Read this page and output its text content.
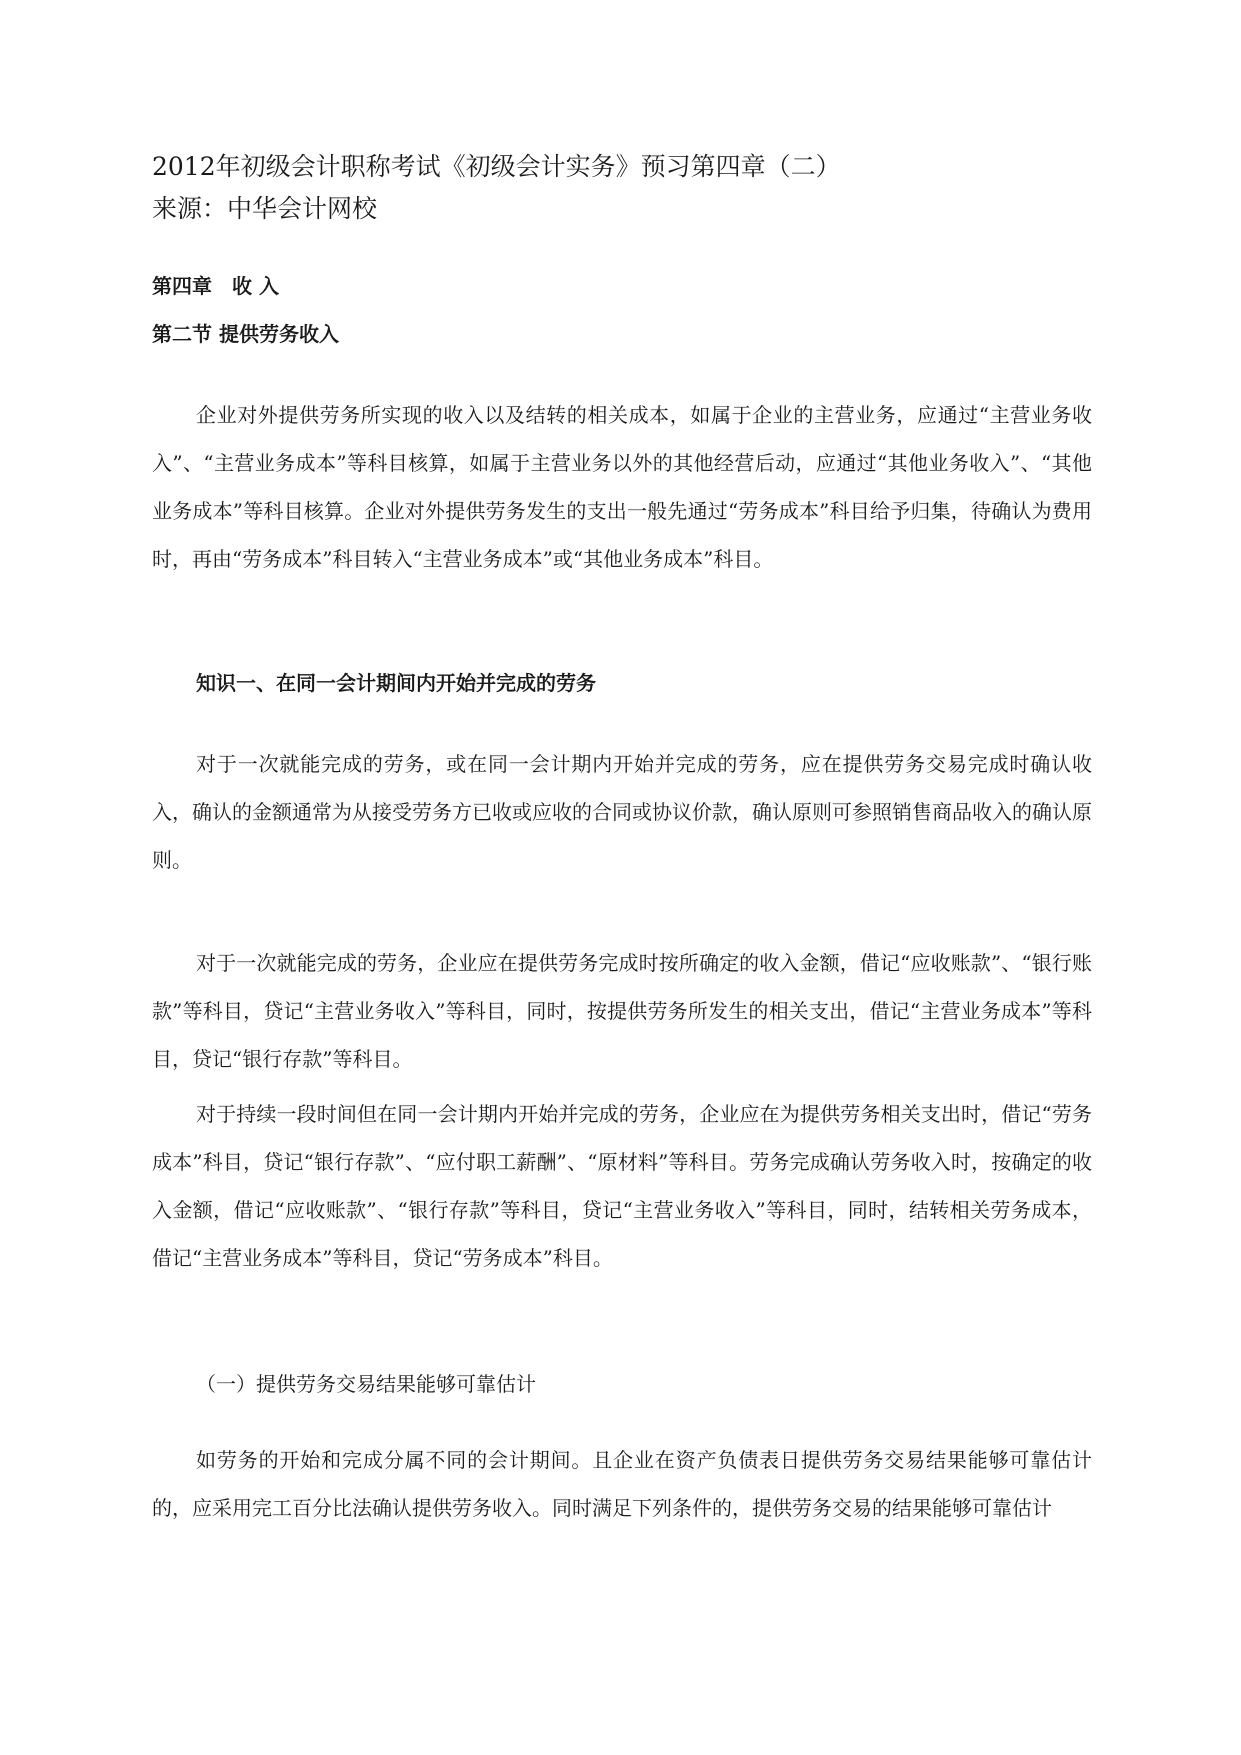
2012年初级会计职称考试《初级会计实务》预习第四章（二）
来源：中华会计网校
第四章　收 入
第二节 提供劳务收入

企业对外提供劳务所实现的收入以及结转的相关成本，如属于企业的主营业务，应通过“主营业务收入”、“主营业务成本”等科目核算，如属于主营业务以外的其他经营后动，应通过“其他业务收入”、“其他业务成本”等科目核算。企业对外提供劳务发生的支出一般先通过“劳务成本”科目给予归集，待确认为费用时，再由“劳务成本”科目转入“主营业务成本”或“其他业务成本”科目。

知识一、在同一会计期间内开始并完成的劳务

对于一次就能完成的劳务，或在同一会计期内开始并完成的劳务，应在提供劳务交易完成时确认收入，确认的金额通常为从接受劳务方已收或应收的合同或协议价款，确认原则可参照销售商品收入的确认原则。

对于一次就能完成的劳务，企业应在提供劳务完成时按所确定的收入金额，借记“应收账款”、“银行账款”等科目，贷记“主营业务收入”等科目，同时，按提供劳务所发生的相关支出，借记“主营业务成本”等科目，贷记“银行存款”等科目。

对于持续一段时间但在同一会计期内开始并完成的劳务，企业应在为提供劳务相关支出时，借记“劳务成本”科目，贷记“银行存款”、“应付职工薪酬”、“原材料”等科目。劳务完成确认劳务收入时，按确定的收入金额，借记“应收账款”、“银行存款”等科目，贷记“主营业务收入”等科目，同时，结转相关劳务成本，借记“主营业务成本”等科目，贷记“劳务成本”科目。

（一）提供劳务交易结果能够可靠估计

如劳务的开始和完成分属不同的会计期间。且企业在资产负债表日提供劳务交易结果能够可靠估计的，应采用完工百分比法确认提供劳务收入。同时满足下列条件的，提供劳务交易的结果能够可靠估计
